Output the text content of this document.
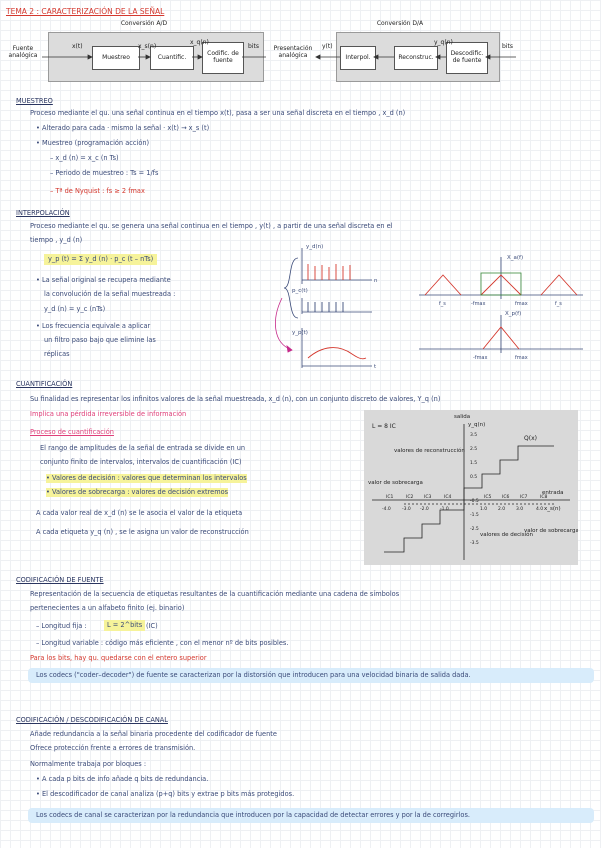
TEMA 2 : CARACTERIZACIÓN DE LA SEÑAL
Conversión A/D
Fuente analógica	Muestreo	Cuantific.	Codific. de fuente
x(t)	x_s(n)
x_q(n)
bits
Conversión D/A
Presentación analógica	Interpol.	Reconstruc.	Descodific. de fuente
y(t)
y_q(n)
bits
MUESTREO
Proceso mediante el qu. una señal continua en el tiempo x(t), pasa a ser una señal discreta en el tiempo , x_d (n)
• Alterado para cada · mismo la señal · x(t) → x_s (t)
• Muestreo (programación acción)
– x_d (n) = x_c (n Ts)
– Periodo de muestreo : Ts = 1/fs
– Tª de Nyquist : fs ≥ 2 fmax
INTERPOLACIÓN
Proceso mediante el qu. se genera una señal continua en el tiempo , y(t) , a partir de una señal discreta en el
tiempo , y_d (n)
y_p (t) = Σ y_d (n) · p_c (t – nTs)
• La señal original se recupera mediante
la convolución de la señal muestreada :
y_d (n) = y_c (nTs)
• Los frecuencia equivale a aplicar
un filtro paso bajo que elimine las
réplicas
y_d(n)
p_c(t)
y_p(t)
n
t
X_a(f)
X_p(f)
f_s	-fmax	fmax	f_s
-fmax	fmax
CUANTIFICACIÓN
Su finalidad es representar los infinitos valores de la señal muestreada, x_d (n), con un conjunto discreto de valores, Y_q (n)
Implica una pérdida irreversible de información
Proceso de cuantificación
El rango de amplitudes de la señal de entrada se divide en un
conjunto finito de intervalos, intervalos de cuantificación (IC)
• Valores de decisión : valores que determinan los intervalos
• Valores de sobrecarga : valores de decisión extremos
A cada valor real de x_d (n) se le asocia el valor de la etiqueta
A cada etiqueta y_q (n) , se le asigna un valor de reconstrucción
L = 8 IC
salida
y_q(n)
Q(x)
valores de reconstrucción
valor de sobrecarga
entrada
x_s(n)
valores de decisión
valor de sobrecarga
IC1	IC2 IC3	IC4	IC5 IC6 IC7	IC8
-4.0 -3.0 -2.0 -1.0	1.0 2.0 3.0	4.0
3.5
2.5
1.5
0.5
-0.5
-1.5
-2.5
-3.5
CODIFICACIÓN DE FUENTE
Representación de la secuencia de etiquetas resultantes de la cuantificación mediante una cadena de símbolos
pertenecientes a un alfabeto finito (ej. binario)
– Longitud fija :	L = 2^bits (IC)
– Longitud variable : código más eficiente , con el menor nº de bits posibles.
Para los bits, hay qu. quedarse con el entero superior
Los codecs ("coder–decoder") de fuente se caracterizan por la distorsión que introducen para una velocidad binaria de salida dada.
CODIFICACIÓN / DESCODIFICACIÓN DE CANAL
Añade redundancia a la señal binaria procedente del codificador de fuente
Ofrece protección frente a errores de transmisión.
Normalmente trabaja por bloques :
• A cada p bits de info añade q bits de redundancia.
• El descodificador de canal analiza (p+q) bits y extrae p bits más protegidos.
Los codecs de canal se caracterizan por la redundancia que introducen por la capacidad de detectar errores y por la de corregirlos.
